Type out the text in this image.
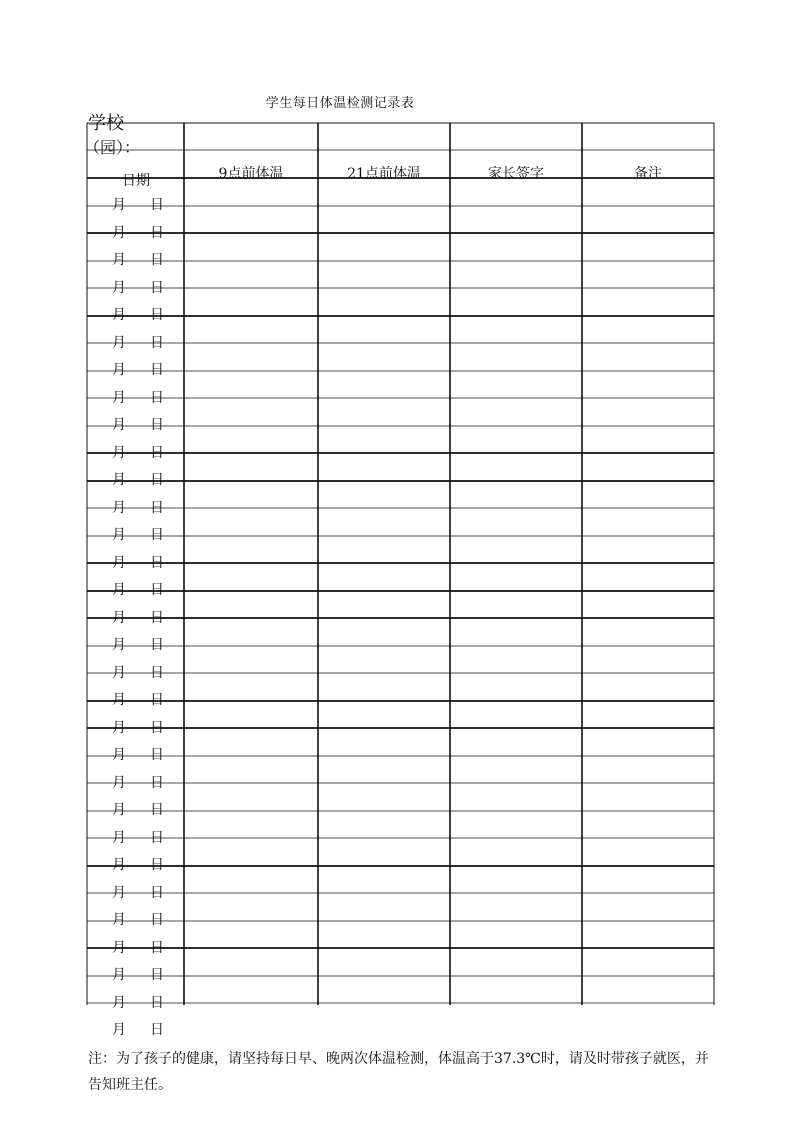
学生每日体温检测记录表
学校
（园）：
日期	9点前体温	21点前体温	家长签字	备注
月 日
月 日
月 日
月 日
月 日
月 日
月 日
月 日
月 日
月 日
月 日
月 日
月 日
月 日
月 日
月 日
月 日
月 日
月 日
月 日
月 日
月 日
月 日
月 日
月 日
月 日
月 日
月 日
月 日
月 日
月 日
注：为了孩子的健康，请坚持每日早、晚两次体温检测，体温高于37.3℃时，请及时带孩子就医，并告知班主任。
